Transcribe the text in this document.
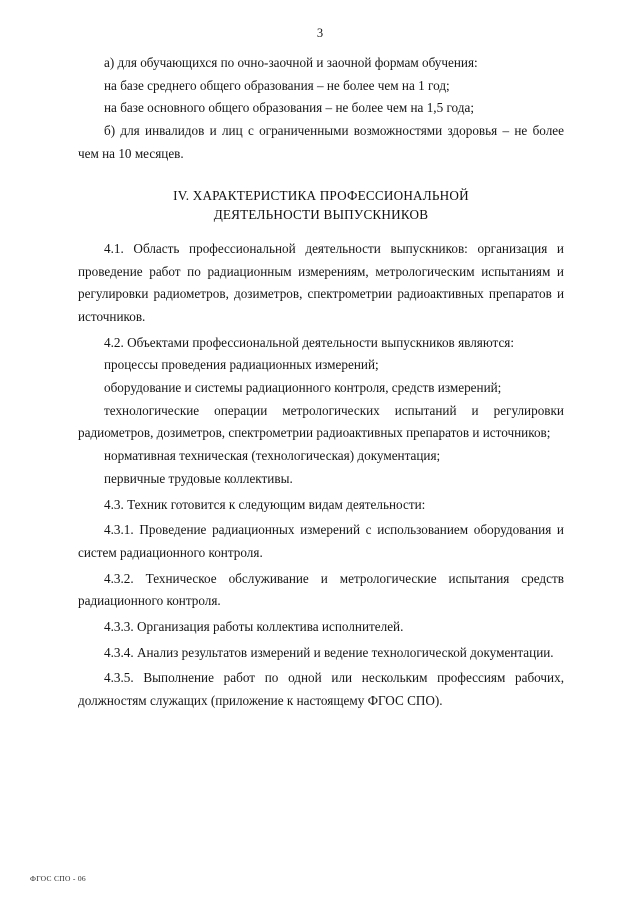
3

а) для обучающихся по очно-заочной и заочной формам обучения:

на базе среднего общего образования – не более чем на 1 год;

на базе основного общего образования – не более чем на 1,5 года;

б) для инвалидов и лиц с ограниченными возможностями здоровья – не более чем на 10 месяцев.

IV. ХАРАКТЕРИСТИКА ПРОФЕССИОНАЛЬНОЙ
ДЕЯТЕЛЬНОСТИ ВЫПУСКНИКОВ

4.1. Область профессиональной деятельности выпускников: организация и проведение работ по радиационным измерениям, метрологическим испытаниям и регулировки радиометров, дозиметров, спектрометрии радиоактивных препаратов и источников.

4.2. Объектами профессиональной деятельности выпускников являются:

процессы проведения радиационных измерений;

оборудование и системы радиационного контроля, средств измерений;

технологические операции метрологических испытаний и регулировки радиометров, дозиметров, спектрометрии радиоактивных препаратов и источников;

нормативная техническая (технологическая) документация;

первичные трудовые коллективы.

4.3. Техник готовится к следующим видам деятельности:

4.3.1. Проведение радиационных измерений с использованием оборудования и систем радиационного контроля.

4.3.2. Техническое обслуживание и метрологические испытания средств радиационного контроля.

4.3.3. Организация работы коллектива исполнителей.

4.3.4. Анализ результатов измерений и ведение технологической документации.

4.3.5. Выполнение работ по одной или нескольким профессиям рабочих, должностям служащих (приложение к настоящему ФГОС СПО).

ФГОС СПО - 06
